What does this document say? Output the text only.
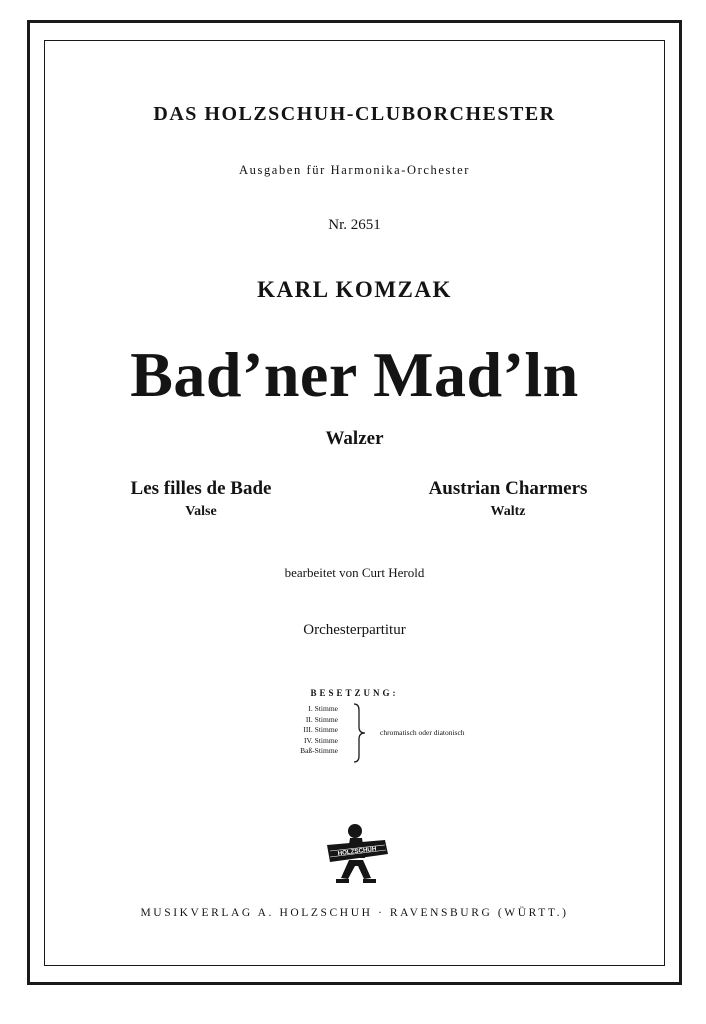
DAS HOLZSCHUH-CLUBORCHESTER
Ausgaben für Harmonika-Orchester
Nr. 2651
KARL KOMZAK
Bad’ner Mad’ln
Walzer
Les filles de Bade
Valse
Austrian Charmers
Waltz
bearbeitet von Curt Herold
Orchesterpartitur
BESETZUNG:
I. Stimme
II. Stimme
III. Stimme
IV. Stimme
Baß-Stimme
chromatisch oder diatonisch
HOLZSCHUH
MUSIKVERLAG A. HOLZSCHUH · RAVENSBURG (WÜRTT.)
